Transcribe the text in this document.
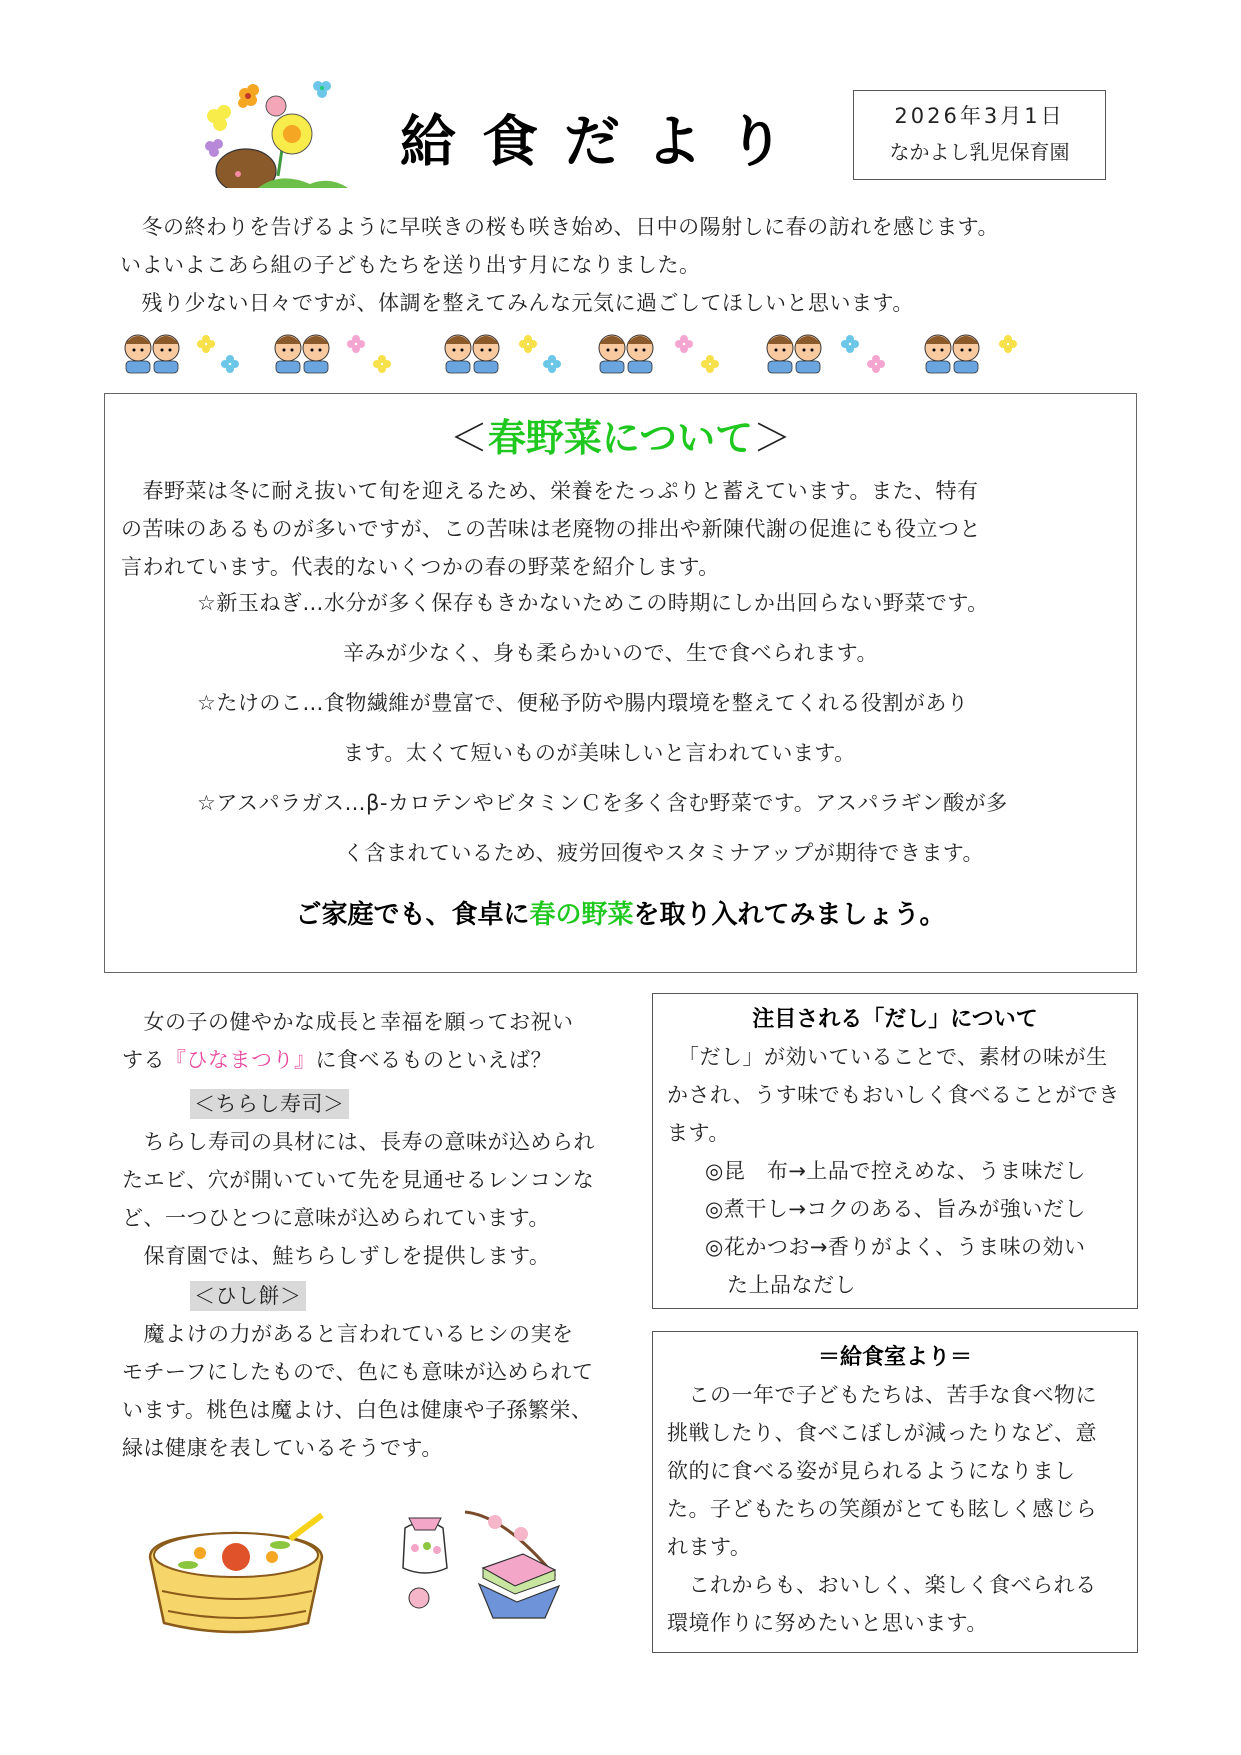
給食だより	2026年3月1日
なかよし乳児保育園

　冬の終わりを告げるように早咲きの桜も咲き始め、日中の陽射しに春の訪れを感じます。

いよいよこあら組の子どもたちを送り出す月になりました。

　残り少ない日々ですが、体調を整えてみんな元気に過ごしてほしいと思います。

＜春野菜について＞

　春野菜は冬に耐え抜いて旬を迎えるため、栄養をたっぷりと蓄えています。また、特有

の苦味のあるものが多いですが、この苦味は老廃物の排出や新陳代謝の促進にも役立つと

言われています。代表的ないくつかの春の野菜を紹介します。

☆新玉ねぎ…水分が多く保存もきかないためこの時期にしか出回らない野菜です。
辛みが少なく、身も柔らかいので、生で食べられます。
☆たけのこ…食物繊維が豊富で、便秘予防や腸内環境を整えてくれる役割があり
ます。太くて短いものが美味しいと言われています。
☆アスパラガス…β‐カロテンやビタミンＣを多く含む野菜です。アスパラギン酸が多
く含まれているため、疲労回復やスタミナアップが期待できます。
ご家庭でも、食卓に春の野菜を取り入れてみましょう。

　女の子の健やかな成長と幸福を願ってお祝い

する『ひなまつり』に食べるものといえば？

＜ちらし寿司＞

　ちらし寿司の具材には、長寿の意味が込められ

たエビ、穴が開いていて先を見通せるレンコンな

ど、一つひとつに意味が込められています。

　保育園では、鮭ちらしずしを提供します。

＜ひし餅＞

　魔よけの力があると言われているヒシの実を

モチーフにしたもので、色にも意味が込められて

います。桃色は魔よけ、白色は健康や子孫繁栄、

緑は健康を表しているそうです。

注目される「だし」について

　「だし」が効いていることで、素材の味が生

かされ、うす味でもおいしく食べることができ

ます。

◎昆　布→上品で控えめな、うま味だし

◎煮干し→コクのある、旨みが強いだし

◎花かつお→香りがよく、うま味の効い

た上品なだし

＝給食室より＝

　この一年で子どもたちは、苦手な食べ物に

挑戦したり、食べこぼしが減ったりなど、意

欲的に食べる姿が見られるようになりまし

た。子どもたちの笑顔がとても眩しく感じら

れます。

　これからも、おいしく、楽しく食べられる

環境作りに努めたいと思います。
